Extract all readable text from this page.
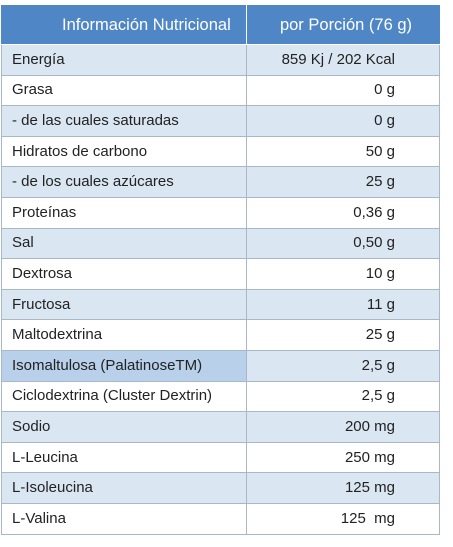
Información Nutricional	por Porción (76 g)
Energía	859 Kj / 202 Kcal
Grasa	0 g
- de las cuales saturadas	0 g
Hidratos de carbono	50 g
- de los cuales azúcares	25 g
Proteínas	0,36 g
Sal	0,50 g
Dextrosa	10 g
Fructosa	11 g
Maltodextrina	25 g
Isomaltulosa (PalatinoseTM)	2,5 g
Ciclodextrina (Cluster Dextrin)	2,5 g
Sodio	200 mg
L-Leucina	250 mg
L-Isoleucina	125 mg
L-Valina	125  mg
